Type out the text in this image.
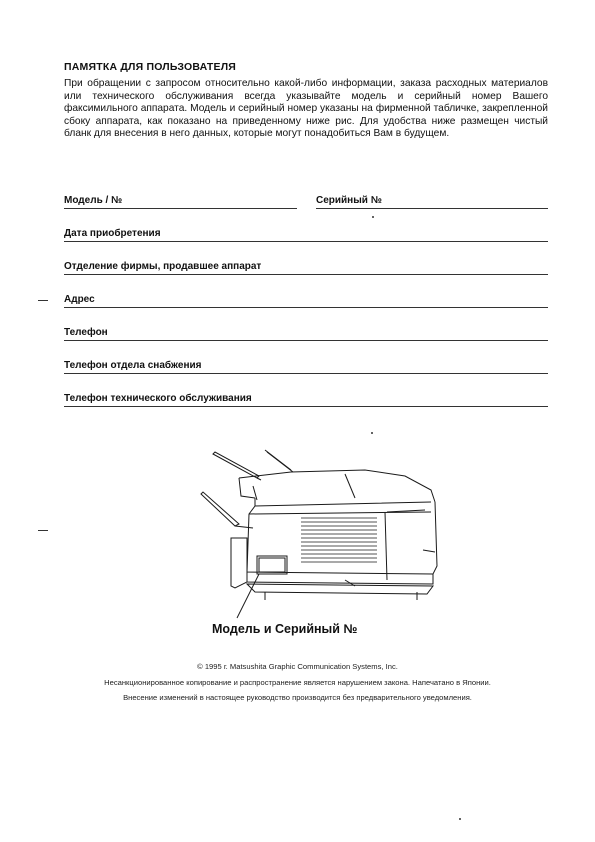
ПАМЯТКА ДЛЯ ПОЛЬЗОВАТЕЛЯ
При обращении с запросом относительно какой-либо информации, заказа расходных материалов или технического обслуживания всегда указывайте модель и серийный номер Вашего факсимильного аппарата. Модель и серийный номер указаны на фирменной табличке, закрепленной сбоку аппарата, как показано на приведенному ниже рис. Для удобства ниже размещен чистый бланк для внесения в него данных, которые могут понадобиться Вам в будущем.
Модель / №	Серийный №
Дата приобретения
Отделение фирмы, продавшее аппарат
Адрес
Телефон
Телефон отдела снабжения
Телефон технического обслуживания
Модель и Серийный №
© 1995 г. Matsushita Graphic Communication Systems, Inc.
Несанкционированное копирование и распространение является нарушением закона. Напечатано в Японии.
Внесение изменений в настоящее руководство производится без предварительного уведомления.
